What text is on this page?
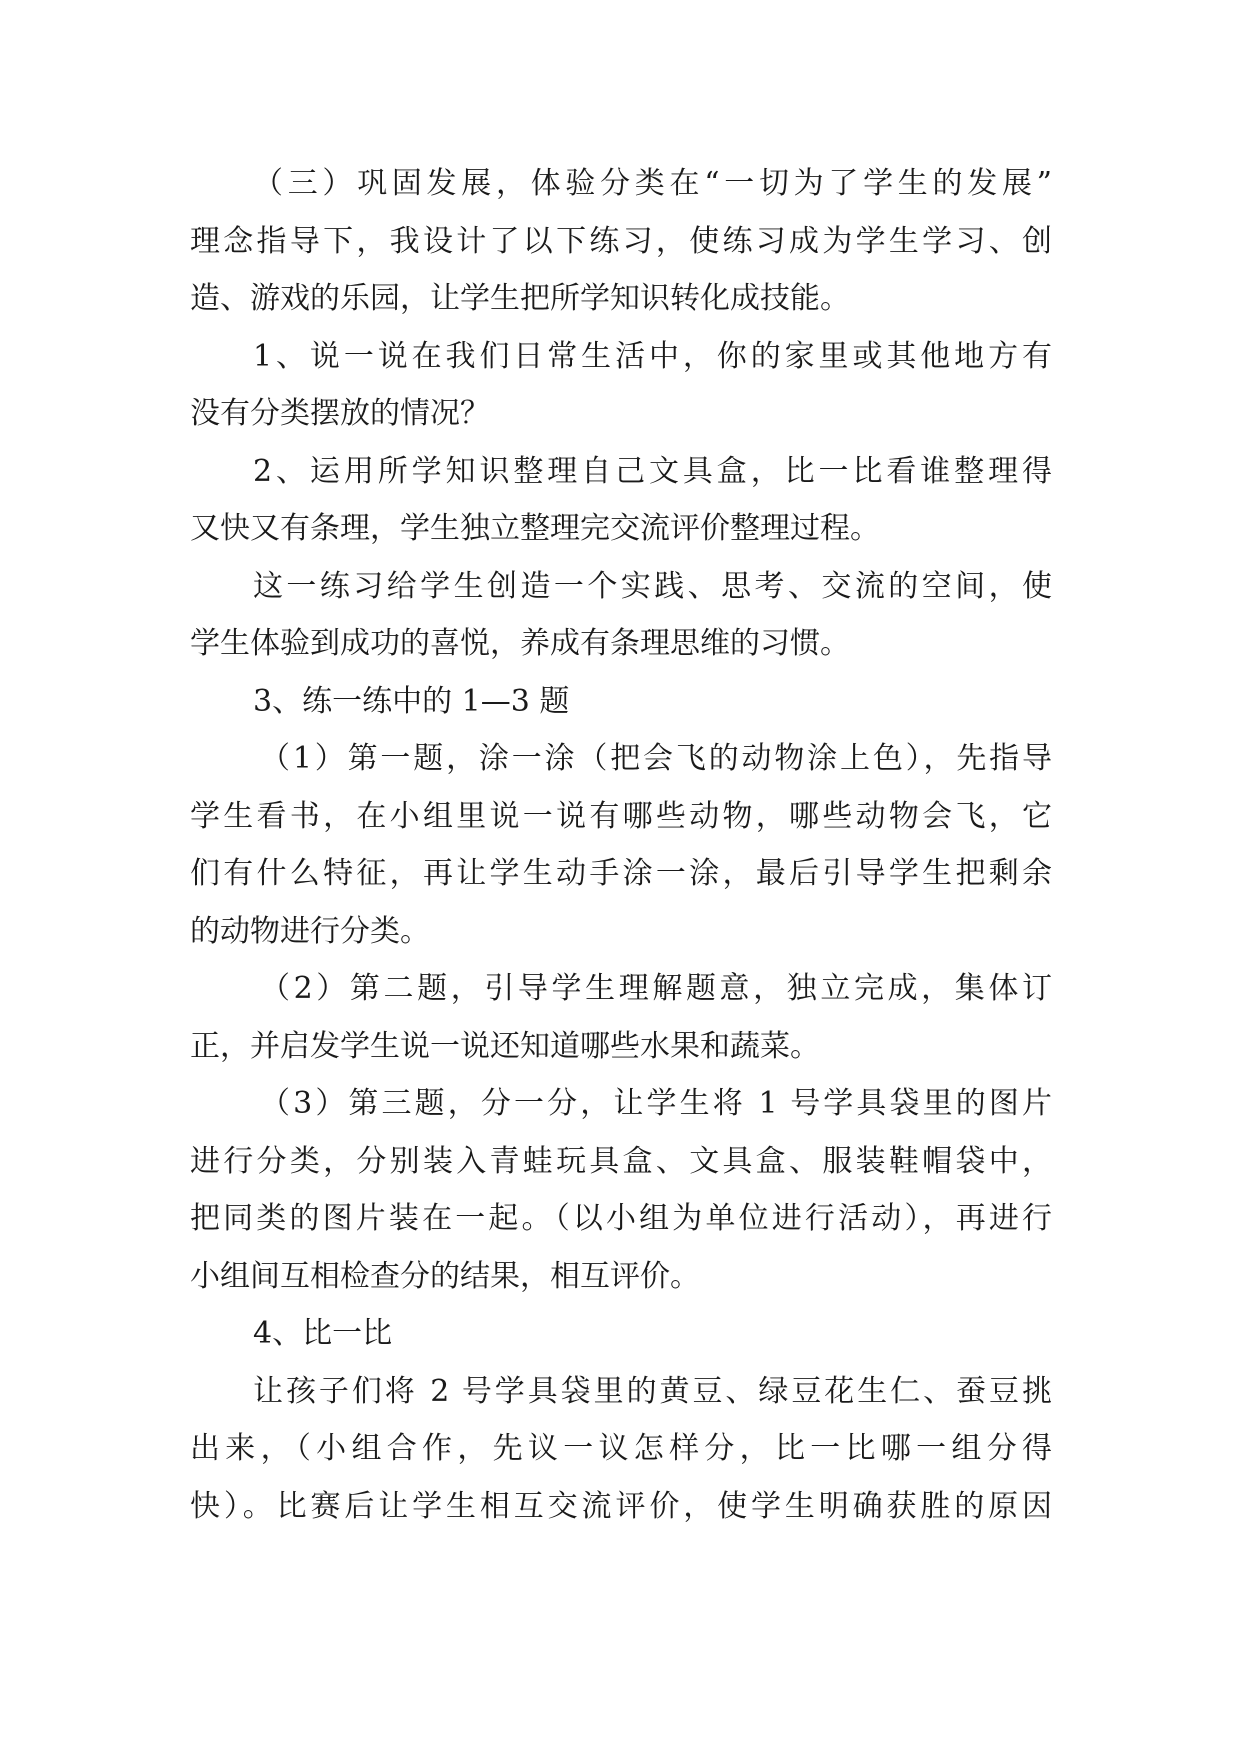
（三）巩固发展，体验分类在“一切为了学生的发展”
理念指导下，我设计了以下练习，使练习成为学生学习、创
造、游戏的乐园，让学生把所学知识转化成技能。
1、说一说在我们日常生活中，你的家里或其他地方有
没有分类摆放的情况？
2、运用所学知识整理自己文具盒，比一比看谁整理得
又快又有条理，学生独立整理完交流评价整理过程。
这一练习给学生创造一个实践、思考、交流的空间，使
学生体验到成功的喜悦，养成有条理思维的习惯。
3、练一练中的 1—3 题
（1）第一题，涂一涂（把会飞的动物涂上色），先指导
学生看书，在小组里说一说有哪些动物，哪些动物会飞，它
们有什么特征，再让学生动手涂一涂，最后引导学生把剩余
的动物进行分类。
（2）第二题，引导学生理解题意，独立完成，集体订
正，并启发学生说一说还知道哪些水果和蔬菜。
（3）第三题，分一分，让学生将 1 号学具袋里的图片
进行分类，分别装入青蛙玩具盒、文具盒、服装鞋帽袋中，
把同类的图片装在一起。（以小组为单位进行活动），再进行
小组间互相检查分的结果，相互评价。
4、比一比
让孩子们将 2 号学具袋里的黄豆、绿豆花生仁、蚕豆挑
出来，（小组合作，先议一议怎样分，比一比哪一组分得
快）。比赛后让学生相互交流评价，使学生明确获胜的原因
